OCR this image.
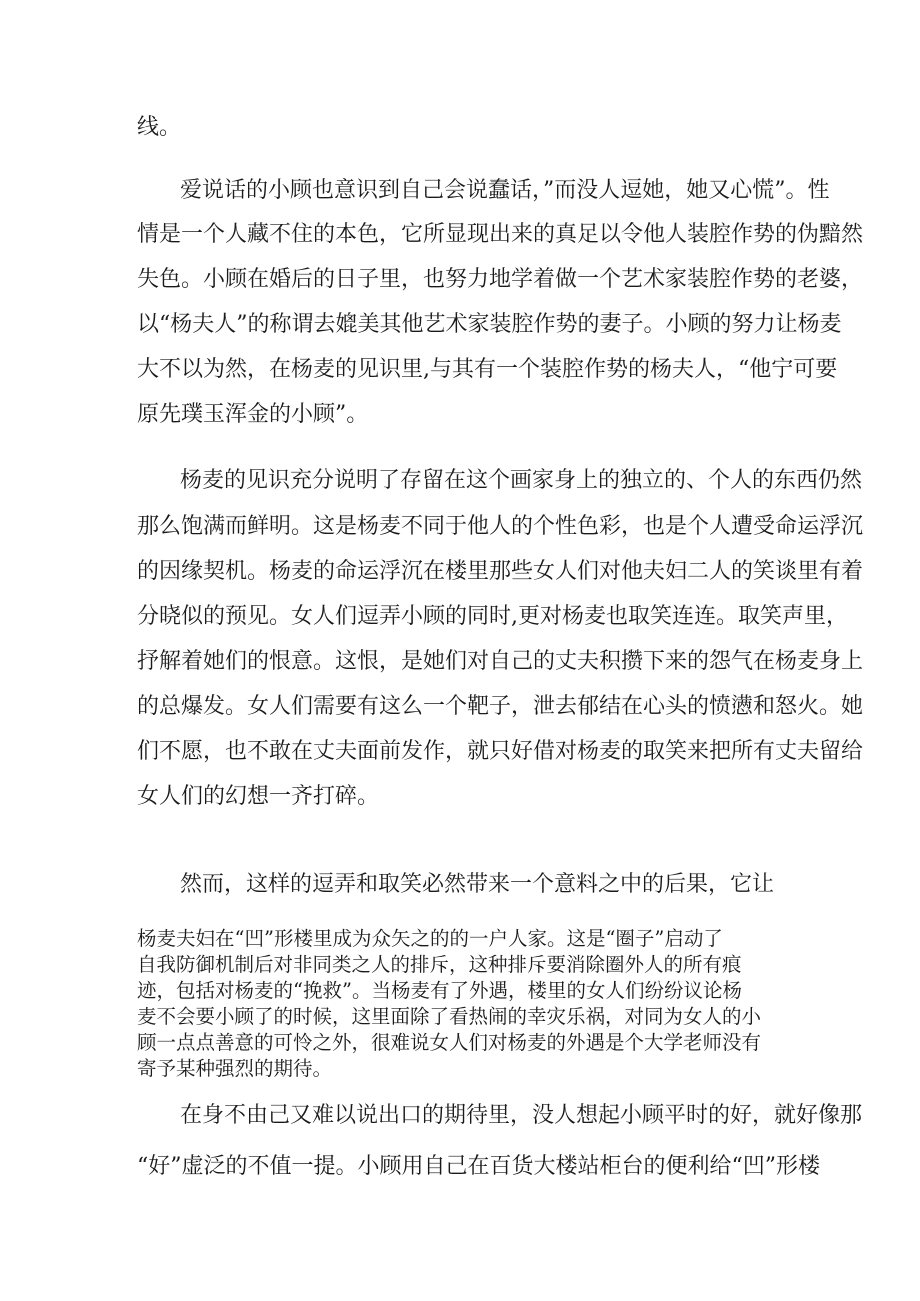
线。
爱说话的小顾也意识到自己会说蠢话，”而没人逗她，她又心慌”。性
情是一个人藏不住的本色，它所显现出来的真足以令他人装腔作势的伪黯然
失色。小顾在婚后的日子里，也努力地学着做一个艺术家装腔作势的老婆，
以“杨夫人”的称谓去媲美其他艺术家装腔作势的妻子。小顾的努力让杨麦
大不以为然，在杨麦的见识里,与其有一个装腔作势的杨夫人，“他宁可要
原先璞玉浑金的小顾”。
杨麦的见识充分说明了存留在这个画家身上的独立的、个人的东西仍然
那么饱满而鲜明。这是杨麦不同于他人的个性色彩，也是个人遭受命运浮沉
的因缘契机。杨麦的命运浮沉在楼里那些女人们对他夫妇二人的笑谈里有着
分晓似的预见。女人们逗弄小顾的同时,更对杨麦也取笑连连。取笑声里，
抒解着她们的恨意。这恨，是她们对自己的丈夫积攒下来的怨气在杨麦身上
的总爆发。女人们需要有这么一个靶子，泄去郁结在心头的愤懑和怒火。她
们不愿，也不敢在丈夫面前发作，就只好借对杨麦的取笑来把所有丈夫留给
女人们的幻想一齐打碎。
然而，这样的逗弄和取笑必然带来一个意料之中的后果，它让
杨麦夫妇在“凹”形楼里成为众矢之的的一户人家。这是“圈子”启动了
自我防御机制后对非同类之人的排斥，这种排斥要消除圈外人的所有痕
迹，包括对杨麦的“挽救”。当杨麦有了外遇，楼里的女人们纷纷议论杨
麦不会要小顾了的时候，这里面除了看热闹的幸灾乐祸，对同为女人的小
顾一点点善意的可怜之外，很难说女人们对杨麦的外遇是个大学老师没有
寄予某种强烈的期待。
在身不由己又难以说出口的期待里，没人想起小顾平时的好，就好像那
“好”虚泛的不值一提。小顾用自己在百货大楼站柜台的便利给“凹”形楼
